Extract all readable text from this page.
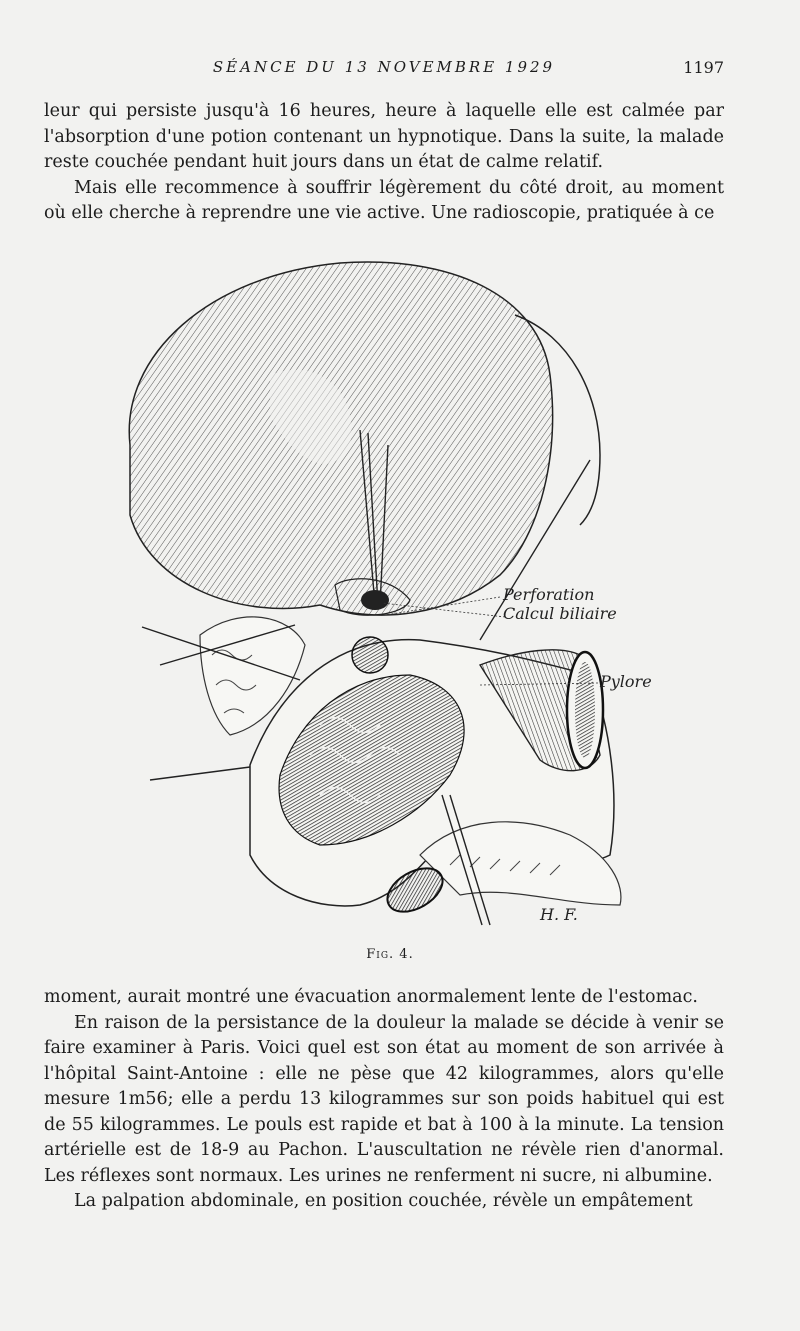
SÉANCE DU 13 NOVEMBRE 1929	1197

leur qui persiste jusqu'à 16 heures, heure à laquelle elle est calmée par l'absorption d'une potion contenant un hypnotique. Dans la suite, la malade reste couchée pendant huit jours dans un état de calme relatif.

Mais elle recommence à souffrir légèrement du côté droit, au moment où elle cherche à reprendre une vie active. Une radioscopie, pratiquée à ce

Perforation
Calcul biliaire
Pylore
H. F.
Fig. 4.

moment, aurait montré une évacuation anormalement lente de l'estomac.

En raison de la persistance de la douleur la malade se décide à venir se faire examiner à Paris. Voici quel est son état au moment de son arrivée à l'hôpital Saint-Antoine : elle ne pèse que 42 kilogrammes, alors qu'elle mesure 1m56; elle a perdu 13 kilogrammes sur son poids habituel qui est de 55 kilogrammes. Le pouls est rapide et bat à 100 à la minute. La tension artérielle est de 18-9 au Pachon. L'auscultation ne révèle rien d'anormal. Les réflexes sont normaux. Les urines ne renferment ni sucre, ni albumine.

La palpation abdominale, en position couchée, révèle un empâtement
